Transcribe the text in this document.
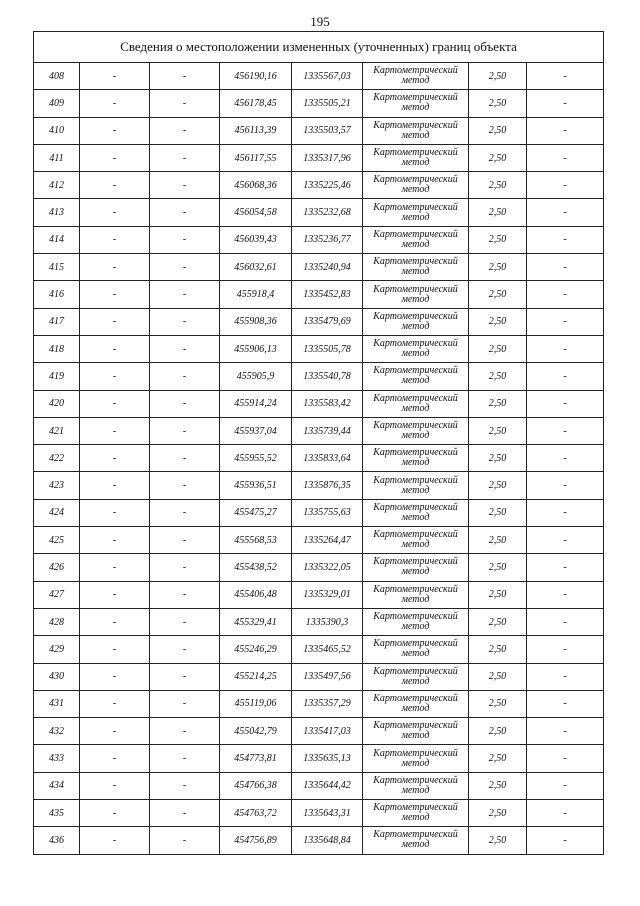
195
Сведения о местоположении измененных (уточненных) границ объекта							
408	-	-	456190,16	1335567,03	Картометрический метод	2,50	-
409	-	-	456178,45	1335505,21	Картометрический метод	2,50	-
410	-	-	456113,39	1335503,57	Картометрический метод	2,50	-
411	-	-	456117,55	1335317,96	Картометрический метод	2,50	-
412	-	-	456068,36	1335225,46	Картометрический метод	2,50	-
413	-	-	456054,58	1335232,68	Картометрический метод	2,50	-
414	-	-	456039,43	1335236,77	Картометрический метод	2,50	-
415	-	-	456032,61	1335240,94	Картометрический метод	2,50	-
416	-	-	455918,4	1335452,83	Картометрический метод	2,50	-
417	-	-	455908,36	1335479,69	Картометрический метод	2,50	-
418	-	-	455906,13	1335505,78	Картометрический метод	2,50	-
419	-	-	455905,9	1335540,78	Картометрический метод	2,50	-
420	-	-	455914,24	1335583,42	Картометрический метод	2,50	-
421	-	-	455937,04	1335739,44	Картометрический метод	2,50	-
422	-	-	455955,52	1335833,64	Картометрический метод	2,50	-
423	-	-	455936,51	1335876,35	Картометрический метод	2,50	-
424	-	-	455475,27	1335755,63	Картометрический метод	2,50	-
425	-	-	455568,53	1335264,47	Картометрический метод	2,50	-
426	-	-	455438,52	1335322,05	Картометрический метод	2,50	-
427	-	-	455406,48	1335329,01	Картометрический метод	2,50	-
428	-	-	455329,41	1335390,3	Картометрический метод	2,50	-
429	-	-	455246,29	1335465,52	Картометрический метод	2,50	-
430	-	-	455214,25	1335497,56	Картометрический метод	2,50	-
431	-	-	455119,06	1335357,29	Картометрический метод	2,50	-
432	-	-	455042,79	1335417,03	Картометрический метод	2,50	-
433	-	-	454773,81	1335635,13	Картометрический метод	2,50	-
434	-	-	454766,38	1335644,42	Картометрический метод	2,50	-
435	-	-	454763,72	1335643,31	Картометрический метод	2,50	-
436	-	-	454756,89	1335648,84	Картометрический метод	2,50	-
